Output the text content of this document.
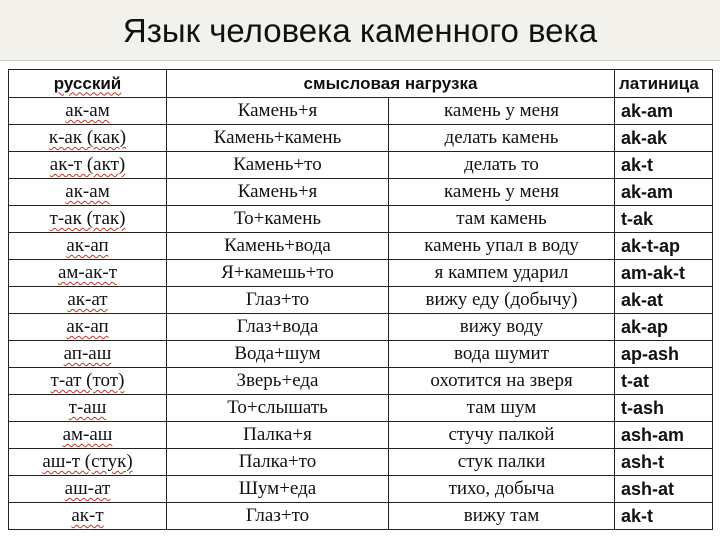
Язык человека каменного века
русский	смысловая нагрузка		латиница
ак-ам	Камень+я	камень у меня	ak-am
к-ак (как)	Камень+камень	делать камень	ak-ak
ак-т (акт)	Камень+то	делать то	ak-t
ак-ам	Камень+я	камень у меня	ak-am
т-ак (так)	То+камень	там камень	t-ak
ак-ап	Камень+вода	камень упал в воду	ak-t-ap
ам-ак-т	Я+камешь+то	я кампем ударил	am-ak-t
ак-ат	Глаз+то	вижу еду (добычу)	ak-at
ак-ап	Глаз+вода	вижу воду	ak-ap
ап-аш	Вода+шум	вода шумит	ap-ash
т-ат (тот)	Зверь+еда	охотится на зверя	t-at
т-аш	То+слышать	там шум	t-ash
ам-аш	Палка+я	стучу палкой	ash-am
аш-т (стук)	Палка+то	стук палки	ash-t
аш-ат	Шум+еда	тихо, добыча	ash-at
ак-т	Глаз+то	вижу там	ak-t
